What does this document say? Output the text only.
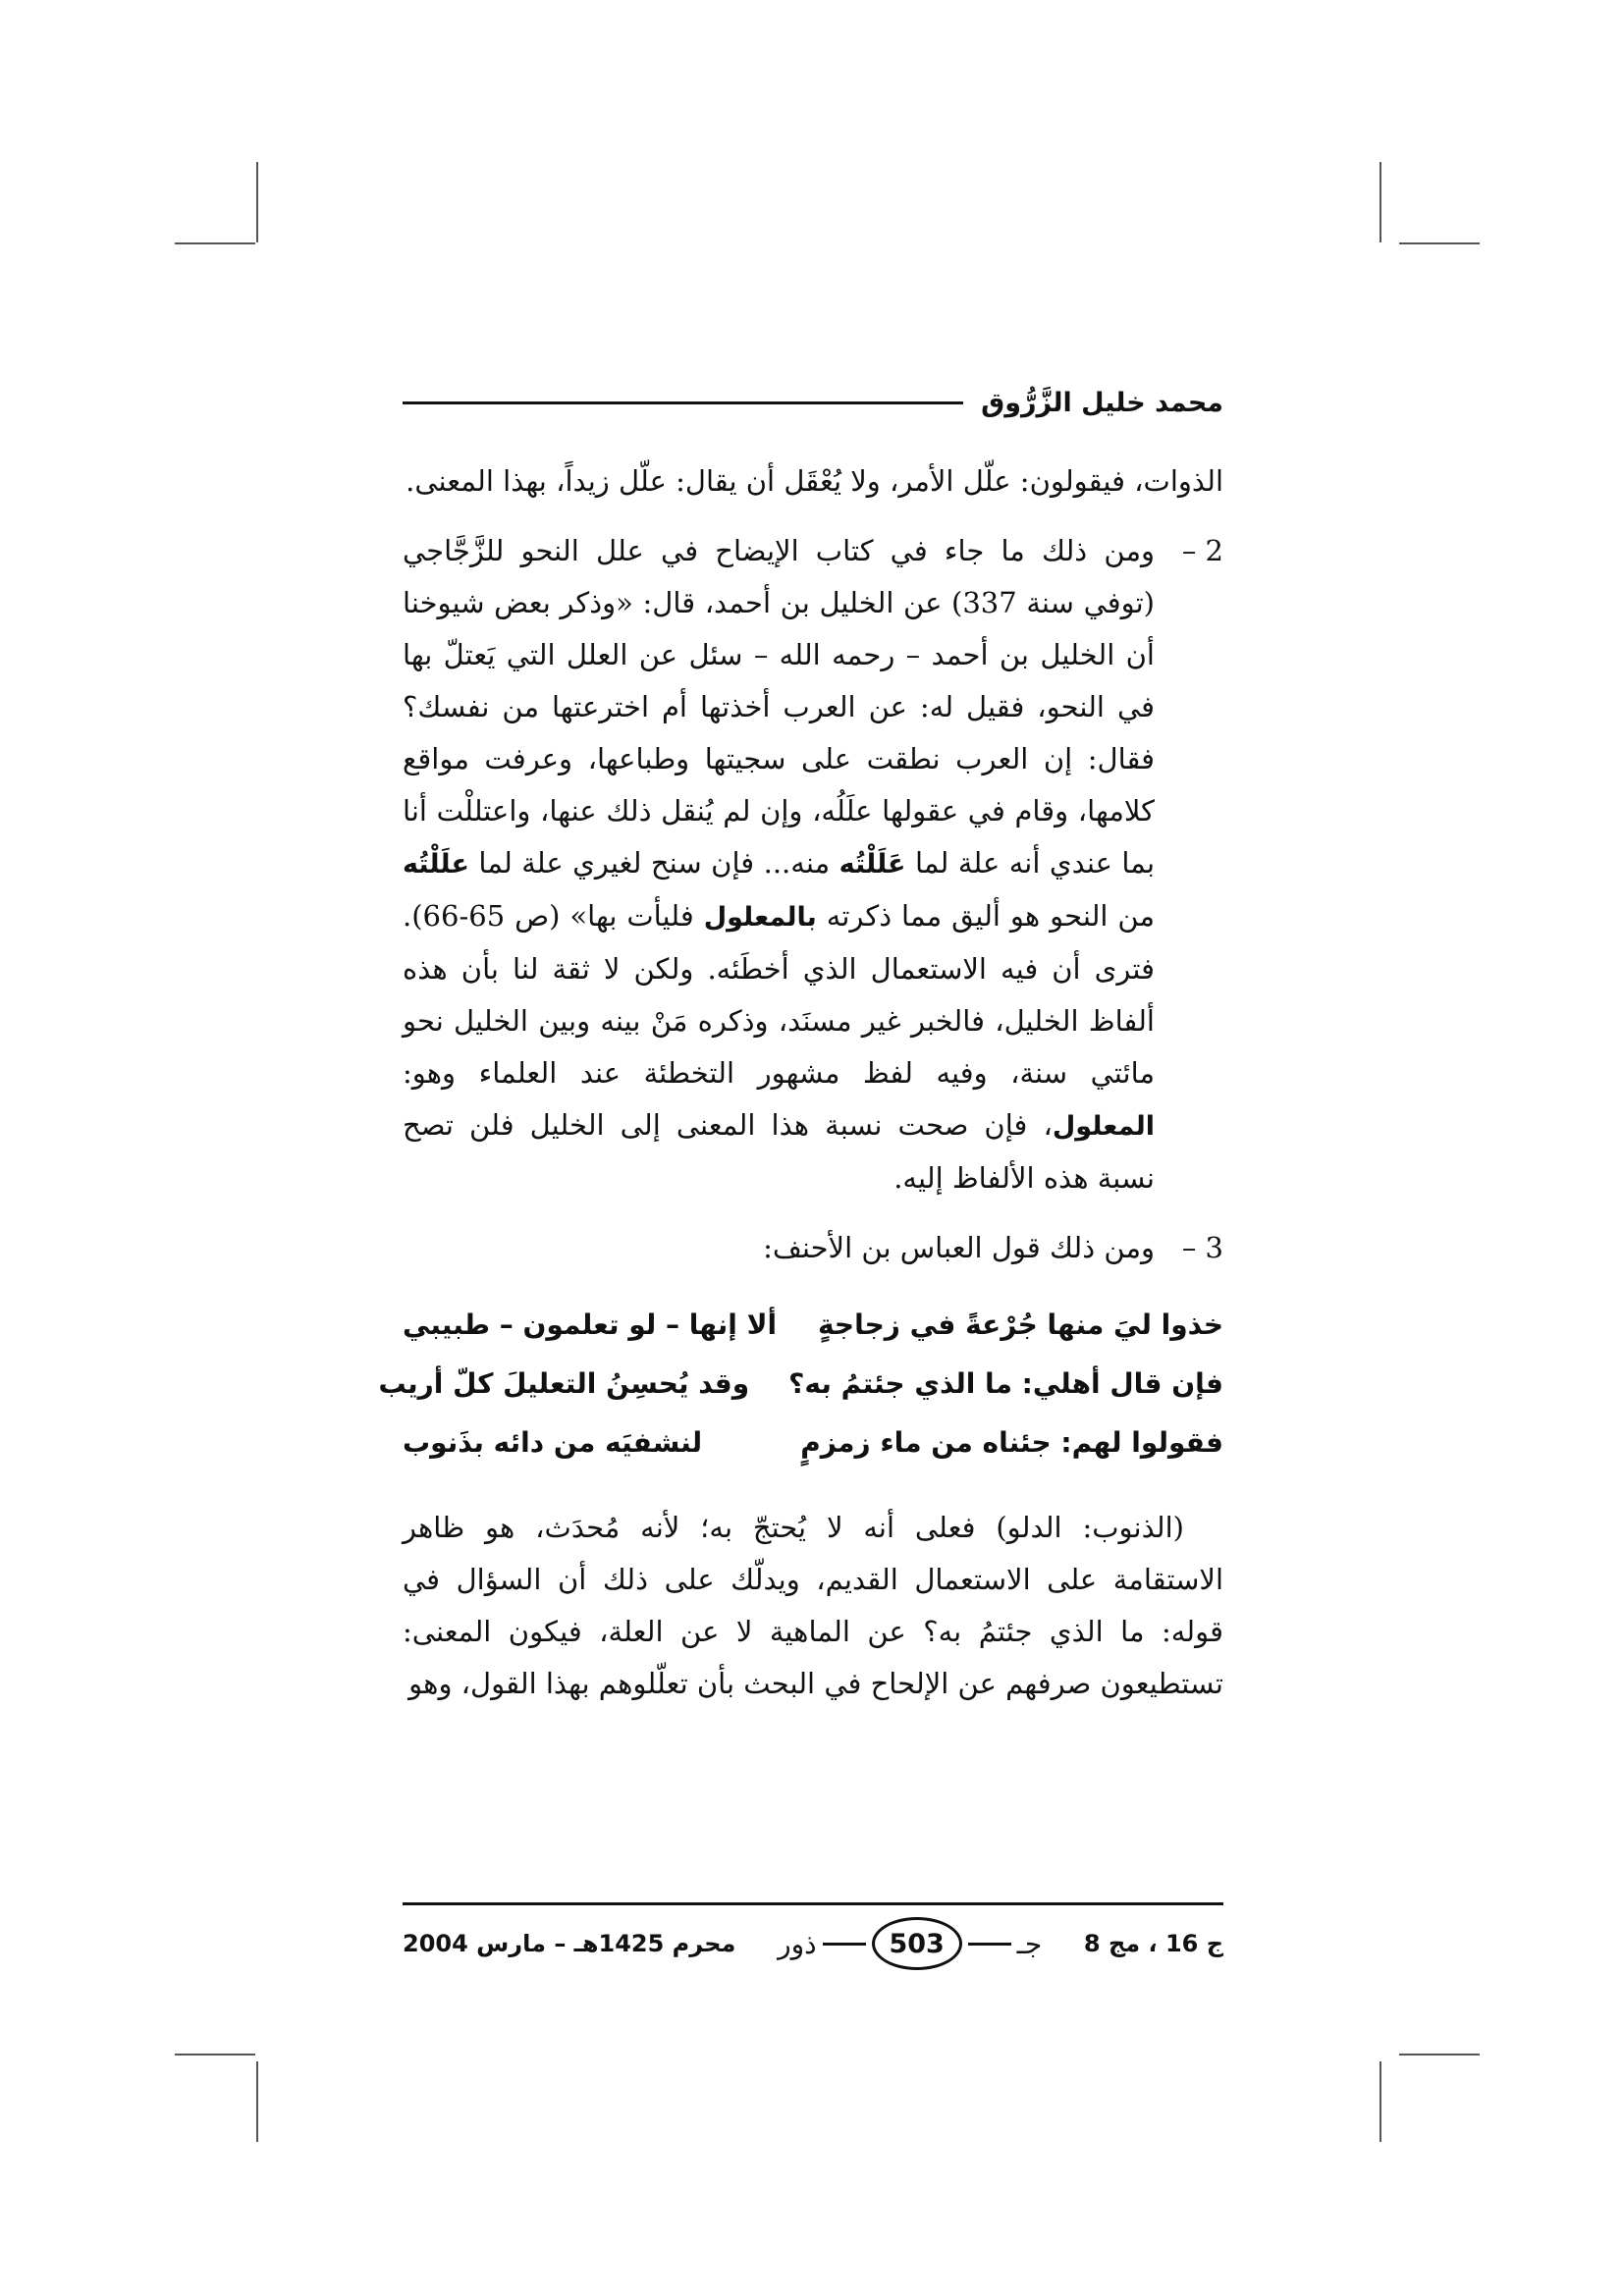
محمد خليل الزَّرُّوق

الذوات، فيقولون: علّل الأمر، ولا يُعْقَل أن يقال: علّل زيداً، بهذا المعنى.

2 –

ومن ذلك ما جاء في كتاب الإيضاح في علل النحو للزَّجَّاجي (توفي سنة 337) عن الخليل بن أحمد، قال: «وذكر بعض شيوخنا أن الخليل بن أحمد – رحمه الله – سئل عن العلل التي يَعتلّ بها في النحو، فقيل له: عن العرب أخذتها أم اخترعتها من نفسك؟ فقال: إن العرب نطقت على سجيتها وطباعها، وعرفت مواقع كلامها، وقام في عقولها علَلُه، وإن لم يُنقل ذلك عنها، واعتللْت أنا بما عندي أنه علة لما عَلَلْتُه منه... فإن سنح لغيري علة لما علَلْتُه من النحو هو أليق مما ذكرته بالمعلول فليأت بها» (ص 65-66). فترى أن فيه الاستعمال الذي أخطَئه. ولكن لا ثقة لنا بأن هذه ألفاظ الخليل، فالخبر غير مسنَد، وذكره مَنْ بينه وبين الخليل نحو مائتي سنة، وفيه لفظ مشهور التخطئة عند العلماء وهو: المعلول، فإن صحت نسبة هذا المعنى إلى الخليل فلن تصح نسبة هذه الألفاظ إليه.

3 –

ومن ذلك قول العباس بن الأحنف:

خذوا ليَ منها جُرْعةً في زجاجةٍ
ألا إنها – لو تعلمون – طبيبي
فإن قال أهلي: ما الذي جئتمُ به؟
وقد يُحسِنُ التعليلَ كلّ أريب
فقولوا لهم: جئناه من ماء زمزمٍ
لنشفيَه من دائه بذَنوب

(الذنوب: الدلو) فعلى أنه لا يُحتجّ به؛ لأنه مُحدَث، هو ظاهر الاستقامة على الاستعمال القديم، ويدلّك على ذلك أن السؤال في قوله: ما الذي جئتمُ به؟ عن الماهية لا عن العلة، فيكون المعنى: تستطيعون صرفهم عن الإلحاح في البحث بأن تعلّلوهم بهذا القول، وهو

ج 16 ، مج 8
جـ
503
ذور
محرم 1425هـ – مارس 2004
